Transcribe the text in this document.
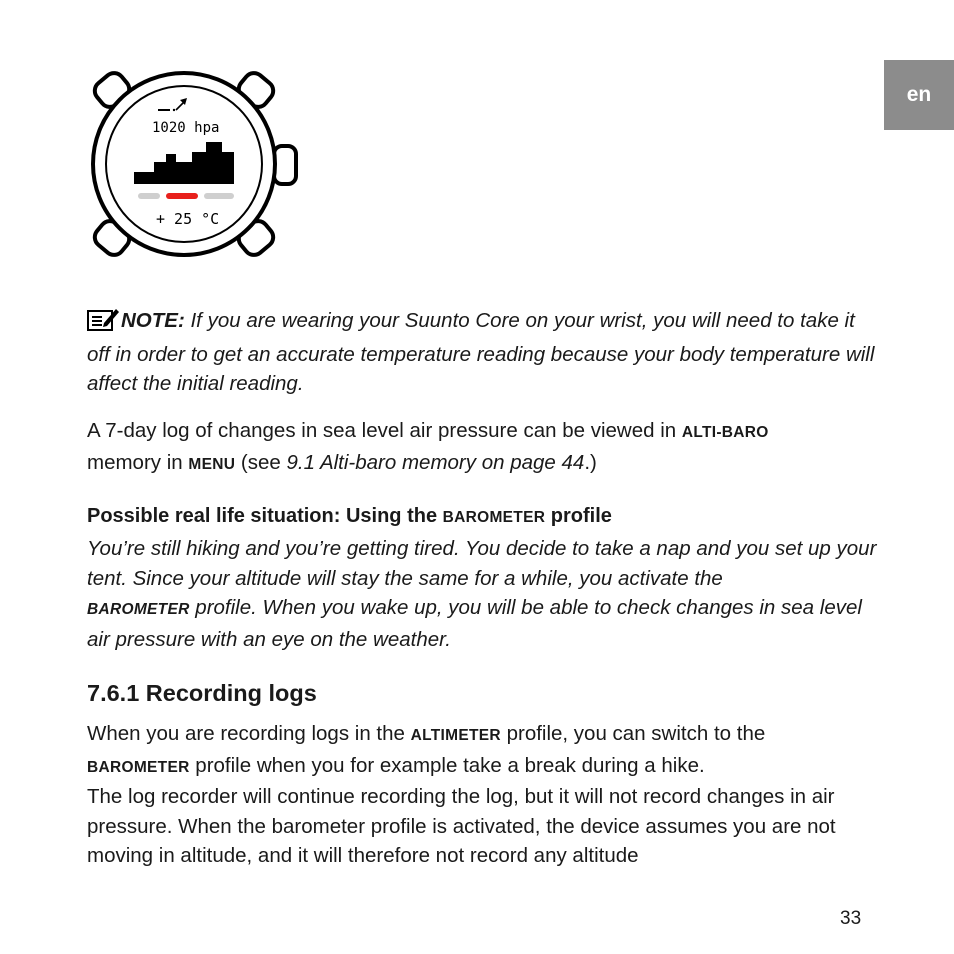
en
1020 hpa
+ 25 °C

NOTE: If you are wearing your Suunto Core on your wrist, you will need to take it off in order to get an accurate temperature reading because your body temperature will affect the initial reading.

A 7-day log of changes in sea level air pressure can be viewed in ALTI-BARO
memory in MENU (see 9.1 Alti-baro memory on page 44.)

Possible real life situation: Using the BAROMETER profile

You’re still hiking and you’re getting tired. You decide to take a nap and you set up your tent. Since your altitude will stay the same for a while, you activate the
BAROMETER profile. When you wake up, you will be able to check changes in sea level air pressure with an eye on the weather.

7.6.1 Recording logs

When you are recording logs in the ALTIMETER profile, you can switch to the
BAROMETER profile when you for example take a break during a hike.

The log recorder will continue recording the log, but it will not record changes in air pressure. When the barometer profile is activated, the device assumes you are not moving in altitude, and it will therefore not record any altitude

33
